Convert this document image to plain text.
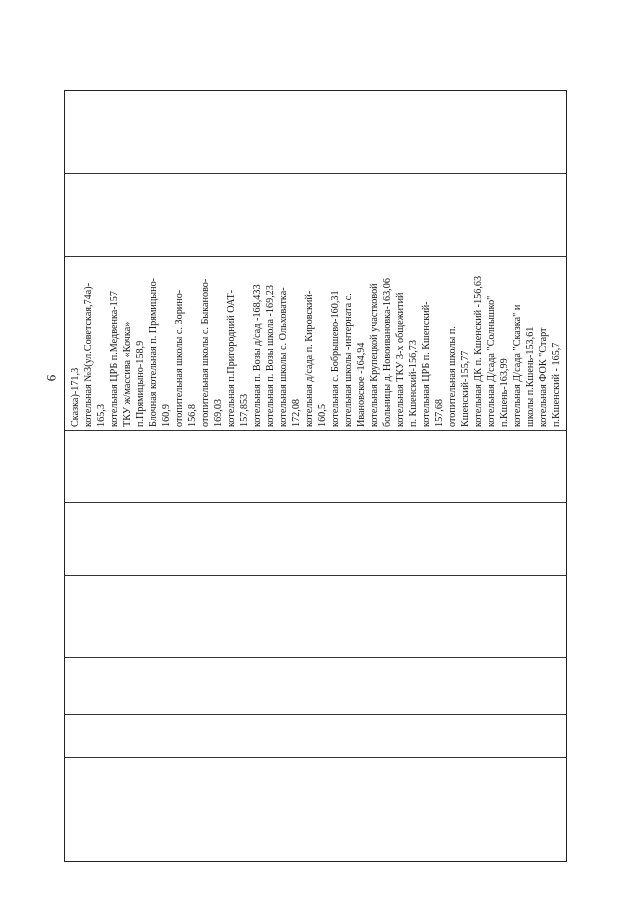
9 Сказка)-171,3 котельная №3(ул.Советская,74а)- 165,3 котельная ЦРБ п.Медвенка-157 ТКУ ж/массива «Кочка» п.Прямицыно-158,9 Блочная котельная п. Прямицыно- 160,9 отопительная школы с. Зорино- 156,8 отопительная школы с. Быканово- 169,03 котельная п.Пригородний ОАТ- 157,853 котельная п. Возы д/сад -168,433 котельная п. Возы школа -169,23 котельная школы с. Ольховатка- 172,08 котельная д/сада п. Кировский- 160,5 котельная с. Бобрышево-160,31 котельная школы -интерната с. Ивановское -164,94 котельная Крупецкой участковой больницы д. Новоивановка-163,06 котельная ТКУ 3-х общежитий п. Кшенский-156,73 котельная ЦРБ п. Кшенский- 157,68 отопительная школы п. Кшенский-155,77 котельная ДК п. Кшенский -156,63 котельная Д/сада "Солнышко" п.Кшень-163,99 котельная Д/сада "Сказка" и школы п.Кшень-153,61 котельная ФОК "Старт п.Кшенский - 165,7
